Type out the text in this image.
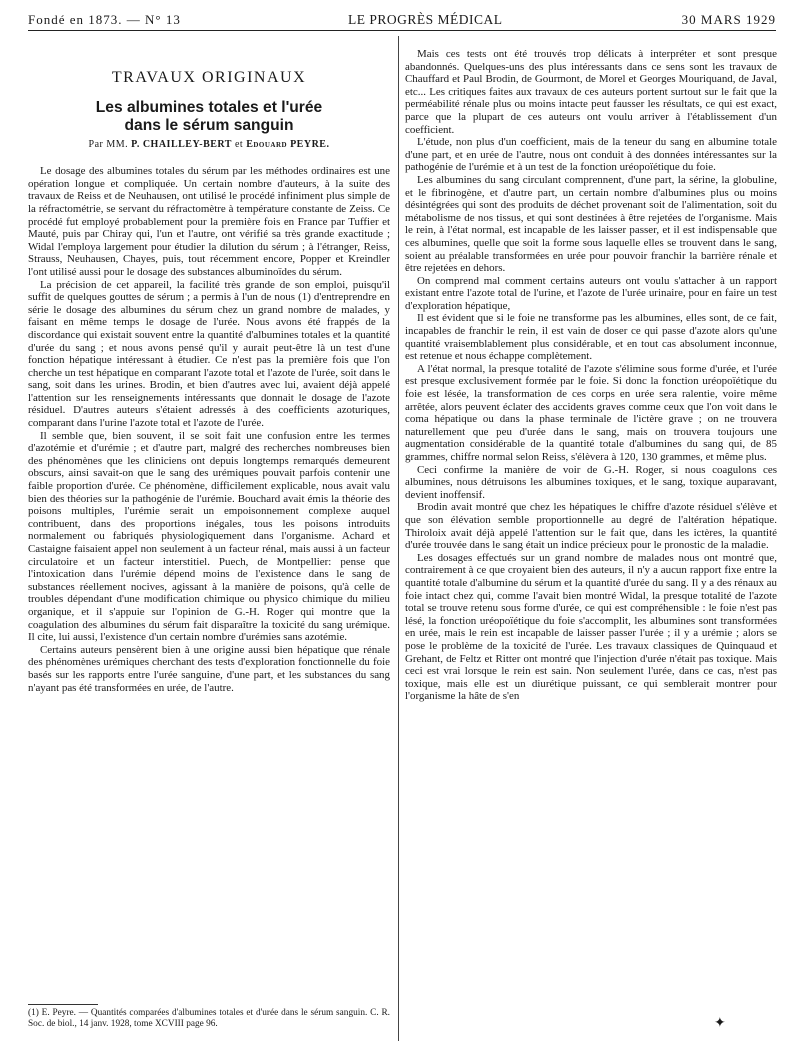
Fondé en 1873. — N° 13	LE PROGRÈS MÉDICAL	30 MARS 1929
TRAVAUX ORIGINAUX
Les albumines totales et l'urée
dans le sérum sanguin
Par MM. P. CHAILLEY-BERT et Edouard PEYRE.

Le dosage des albumines totales du sérum par les méthodes ordinaires est une opération longue et compliquée. Un certain nombre d'auteurs, à la suite des travaux de Reiss et de Neuhausen, ont utilisé le procédé infiniment plus simple de la réfractométrie, se servant du réfractomètre à température constante de Zeiss. Ce procédé fut employé probablement pour la première fois en France par Tuffier et Mauté, puis par Chiray qui, l'un et l'autre, ont vérifié sa très grande exactitude ; Widal l'employa largement pour étudier la dilution du sérum ; à l'étranger, Reiss, Strauss, Neuhausen, Chayes, puis, tout récemment encore, Popper et Kreindler l'ont utilisé aussi pour le dosage des substances albuminoïdes du sérum.

La précision de cet appareil, la facilité très grande de son emploi, puisqu'il suffit de quelques gouttes de sérum ; a permis à l'un de nous (1) d'entreprendre en série le dosage des albumines du sérum chez un grand nombre de malades, y faisant en même temps le dosage de l'urée. Nous avons été frappés de la discordance qui existait souvent entre la quantité d'albumines totales et la quantité d'urée du sang ; et nous avons pensé qu'il y aurait peut-être là un test d'une fonction hépatique intéressant à étudier. Ce n'est pas la première fois que l'on cherche un test hépatique en comparant l'azote total et l'azote de l'urée, soit dans le sang, soit dans les urines. Brodin, et bien d'autres avec lui, avaient déjà appelé l'attention sur les renseignements intéressants que donnait le dosage de l'azote résiduel. D'autres auteurs s'étaient adressés à des coefficients azoturiques, comparant dans l'urine l'azote total et l'azote de l'urée.

Il semble que, bien souvent, il se soit fait une confusion entre les termes d'azotémie et d'urémie ; et d'autre part, malgré des recherches nombreuses bien des phénomènes que les cliniciens ont depuis longtemps remarqués demeurent obscurs, ainsi savait-on que le sang des urémiques pouvait parfois contenir une faible proportion d'urée. Ce phénomène, difficilement explicable, nous avait valu bien des théories sur la pathogénie de l'urémie. Bouchard avait émis la théorie des poisons multiples, l'urémie serait un empoisonnement complexe auquel contribuent, dans des proportions inégales, tous les poisons introduits normalement ou fabriqués physiologiquement dans l'organisme. Achard et Castaigne faisaient appel non seulement à un facteur rénal, mais aussi à un facteur circulatoire et un facteur interstitiel. Puech, de Montpellier: pense que l'intoxication dans l'urémie dépend moins de l'existence dans le sang de substances réellement nocives, agissant à la manière de poisons, qu'à celle de troubles dépendant d'une modification chimique ou physico chimique du milieu organique, et il s'appuie sur l'opinion de G.-H. Roger qui montre que la coagulation des albumines du sérum fait disparaître la toxicité du sang urémique. Il cite, lui aussi, l'existence d'un certain nombre d'urémies sans azotémie.

Certains auteurs pensèrent bien à une origine aussi bien hépatique que rénale des phénomènes urémiques cherchant des tests d'exploration fonctionnelle du foie basés sur les rapports entre l'urée sanguine, d'une part, et les substances du sang n'ayant pas été transformées en urée, de l'autre.

(1) E. Peyre. — Quantités comparées d'albumines totales et d'urée dans le sérum sanguin. C. R. Soc. de biol., 14 janv. 1928, tome XCVIII page 96.

Mais ces tests ont été trouvés trop délicats à interpréter et sont presque abandonnés. Quelques-uns des plus intéressants dans ce sens sont les travaux de Chauffard et Paul Brodin, de Gourmont, de Morel et Georges Mouriquand, de Javal, etc... Les critiques faites aux travaux de ces auteurs portent surtout sur le fait que la perméabilité rénale plus ou moins intacte peut fausser les résultats, ce qui est exact, parce que la plupart de ces auteurs ont voulu arriver à l'établissement d'un coefficient.

L'étude, non plus d'un coefficient, mais de la teneur du sang en albumine totale d'une part, et en urée de l'autre, nous ont conduit à des données intéressantes sur la pathogénie de l'urémie et à un test de la fonction uréopoïétique du foie.

Les albumines du sang circulant comprennent, d'une part, la sérine, la globuline, et le fibrinogène, et d'autre part, un certain nombre d'albumines plus ou moins désintégrées qui sont des produits de déchet provenant soit de l'alimentation, soit du métabolisme de nos tissus, et qui sont destinées à être rejetées de l'organisme. Mais le rein, à l'état normal, est incapable de les laisser passer, et il est indispensable que ces albumines, quelle que soit la forme sous laquelle elles se trouvent dans le sang, soient au préalable transformées en urée pour pouvoir franchir la barrière rénale et être rejetées en dehors.

On comprend mal comment certains auteurs ont voulu s'attacher à un rapport existant entre l'azote total de l'urine, et l'azote de l'urée urinaire, pour en faire un test d'exploration hépatique,

Il est évident que si le foie ne transforme pas les albumines, elles sont, de ce fait, incapables de franchir le rein, il est vain de doser ce qui passe d'azote alors qu'une quantité vraisemblablement plus considérable, et en tout cas absolument inconnue, est retenue et nous échappe complètement.

A l'état normal, la presque totalité de l'azote s'élimine sous forme d'urée, et l'urée est presque exclusivement formée par le foie. Si donc la fonction uréopoïétique du foie est lésée, la transformation de ces corps en urée sera ralentie, voire même arrêtée, alors peuvent éclater des accidents graves comme ceux que l'on voit dans le coma hépatique ou dans la phase terminale de l'ictère grave ; on ne trouvera naturellement que peu d'urée dans le sang, mais on trouvera toujours une augmentation considérable de la quantité totale d'albumines du sang qui, de 85 grammes, chiffre normal selon Reiss, s'élèvera à 120, 130 grammes, et même plus.

Ceci confirme la manière de voir de G.-H. Roger, si nous coagulons ces albumines, nous détruisons les albumines toxiques, et le sang, toxique auparavant, devient inoffensif.

Brodin avait montré que chez les hépatiques le chiffre d'azote résiduel s'élève et que son élévation semble proportionnelle au degré de l'altération hépatique. Thiroloix avait déjà appelé l'attention sur le fait que, dans les ictères, la quantité d'urée trouvée dans le sang était un indice précieux pour le pronostic de la maladie.

Les dosages effectués sur un grand nombre de malades nous ont montré que, contrairement à ce que croyaient bien des auteurs, il n'y a aucun rapport fixe entre la quantité totale d'albumine du sérum et la quantité d'urée du sang. Il y a des rénaux au foie intact chez qui, comme l'avait bien montré Widal, la presque totalité de l'azote total se trouve retenu sous forme d'urée, ce qui est compréhensible : le foie n'est pas lésé, la fonction uréopoïétique du foie s'accomplit, les albumines sont transformées en urée, mais le rein est incapable de laisser passer l'urée ; il y a urémie ; alors se pose le problème de la toxicité de l'urée. Les travaux classiques de Quinquaud et Grehant, de Feltz et Ritter ont montré que l'injection d'urée n'était pas toxique. Mais ceci est vrai lorsque le rein est sain. Non seulement l'urée, dans ce cas, n'est pas toxique, mais elle est un diurétique puissant, ce qui semblerait montrer pour l'organisme la hâte de s'en

✦
